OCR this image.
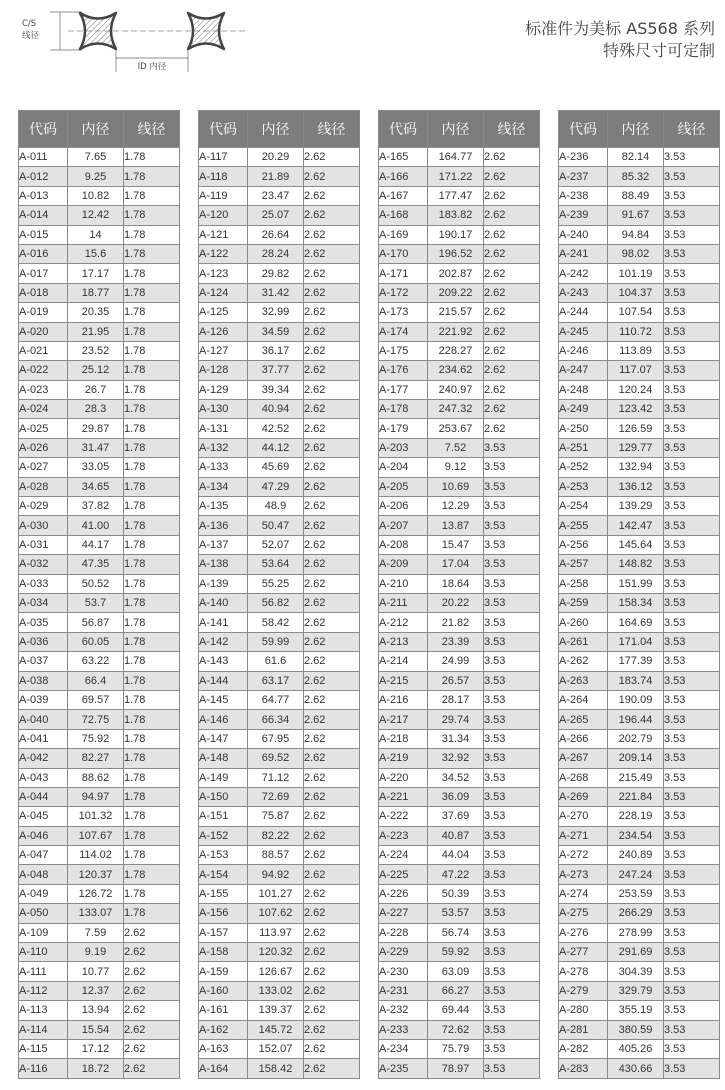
C/S
线径
ID 内径
标准件为美标 AS568 系列
特殊尺寸可定制
代码	内径	线径
A-011	7.65	1.78
A-012	9.25	1.78
A-013	10.82	1.78
A-014	12.42	1.78
A-015	14	1.78
A-016	15.6	1.78
A-017	17.17	1.78
A-018	18.77	1.78
A-019	20.35	1.78
A-020	21.95	1.78
A-021	23.52	1.78
A-022	25.12	1.78
A-023	26.7	1.78
A-024	28.3	1.78
A-025	29.87	1.78
A-026	31.47	1.78
A-027	33.05	1.78
A-028	34.65	1.78
A-029	37.82	1.78
A-030	41.00	1.78
A-031	44.17	1.78
A-032	47.35	1.78
A-033	50.52	1.78
A-034	53.7	1.78
A-035	56.87	1.78
A-036	60.05	1.78
A-037	63.22	1.78
A-038	66.4	1.78
A-039	69.57	1.78
A-040	72.75	1.78
A-041	75.92	1.78
A-042	82.27	1.78
A-043	88.62	1.78
A-044	94.97	1.78
A-045	101.32	1.78
A-046	107.67	1.78
A-047	114.02	1.78
A-048	120.37	1.78
A-049	126.72	1.78
A-050	133.07	1.78
A-109	7.59	2.62
A-110	9.19	2.62
A-111	10.77	2.62
A-112	12.37	2.62
A-113	13.94	2.62
A-114	15.54	2.62
A-115	17.12	2.62
A-116	18.72	2.62
代码	内径	线径
A-117	20.29	2.62
A-118	21.89	2.62
A-119	23.47	2.62
A-120	25.07	2.62
A-121	26.64	2.62
A-122	28.24	2.62
A-123	29.82	2.62
A-124	31.42	2.62
A-125	32.99	2.62
A-126	34.59	2.62
A-127	36.17	2.62
A-128	37.77	2.62
A-129	39.34	2.62
A-130	40.94	2.62
A-131	42.52	2.62
A-132	44.12	2.62
A-133	45.69	2.62
A-134	47.29	2.62
A-135	48.9	2.62
A-136	50.47	2.62
A-137	52.07	2.62
A-138	53.64	2.62
A-139	55.25	2.62
A-140	56.82	2.62
A-141	58.42	2.62
A-142	59.99	2.62
A-143	61.6	2.62
A-144	63.17	2.62
A-145	64.77	2.62
A-146	66.34	2.62
A-147	67.95	2.62
A-148	69.52	2.62
A-149	71.12	2.62
A-150	72.69	2.62
A-151	75.87	2.62
A-152	82.22	2.62
A-153	88.57	2.62
A-154	94.92	2.62
A-155	101.27	2.62
A-156	107.62	2.62
A-157	113.97	2.62
A-158	120.32	2.62
A-159	126.67	2.62
A-160	133.02	2.62
A-161	139.37	2.62
A-162	145.72	2.62
A-163	152.07	2.62
A-164	158.42	2.62
代码	内径	线径
A-165	164.77	2.62
A-166	171.22	2.62
A-167	177.47	2.62
A-168	183.82	2.62
A-169	190.17	2.62
A-170	196.52	2.62
A-171	202.87	2.62
A-172	209.22	2.62
A-173	215.57	2.62
A-174	221.92	2.62
A-175	228.27	2.62
A-176	234.62	2.62
A-177	240.97	2.62
A-178	247.32	2.62
A-179	253.67	2.62
A-203	7.52	3.53
A-204	9.12	3.53
A-205	10.69	3.53
A-206	12.29	3.53
A-207	13.87	3.53
A-208	15.47	3.53
A-209	17.04	3.53
A-210	18.64	3.53
A-211	20.22	3.53
A-212	21.82	3.53
A-213	23.39	3.53
A-214	24.99	3.53
A-215	26.57	3.53
A-216	28.17	3.53
A-217	29.74	3.53
A-218	31.34	3.53
A-219	32.92	3.53
A-220	34.52	3.53
A-221	36.09	3.53
A-222	37.69	3.53
A-223	40.87	3.53
A-224	44.04	3.53
A-225	47.22	3.53
A-226	50.39	3.53
A-227	53.57	3.53
A-228	56.74	3.53
A-229	59.92	3.53
A-230	63.09	3.53
A-231	66.27	3.53
A-232	69.44	3.53
A-233	72.62	3.53
A-234	75.79	3.53
A-235	78.97	3.53
代码	内径	线径
A-236	82.14	3.53
A-237	85.32	3.53
A-238	88.49	3.53
A-239	91.67	3.53
A-240	94.84	3.53
A-241	98.02	3.53
A-242	101.19	3.53
A-243	104.37	3.53
A-244	107.54	3.53
A-245	110.72	3.53
A-246	113.89	3.53
A-247	117.07	3.53
A-248	120.24	3.53
A-249	123.42	3.53
A-250	126.59	3.53
A-251	129.77	3.53
A-252	132.94	3.53
A-253	136.12	3.53
A-254	139.29	3.53
A-255	142.47	3.53
A-256	145.64	3.53
A-257	148.82	3.53
A-258	151.99	3.53
A-259	158.34	3.53
A-260	164.69	3.53
A-261	171.04	3.53
A-262	177.39	3.53
A-263	183.74	3.53
A-264	190.09	3.53
A-265	196.44	3.53
A-266	202.79	3.53
A-267	209.14	3.53
A-268	215.49	3.53
A-269	221.84	3.53
A-270	228.19	3.53
A-271	234.54	3.53
A-272	240.89	3.53
A-273	247.24	3.53
A-274	253.59	3.53
A-275	266.29	3.53
A-276	278.99	3.53
A-277	291.69	3.53
A-278	304.39	3.53
A-279	329.79	3.53
A-280	355.19	3.53
A-281	380.59	3.53
A-282	405.26	3.53
A-283	430.66	3.53
